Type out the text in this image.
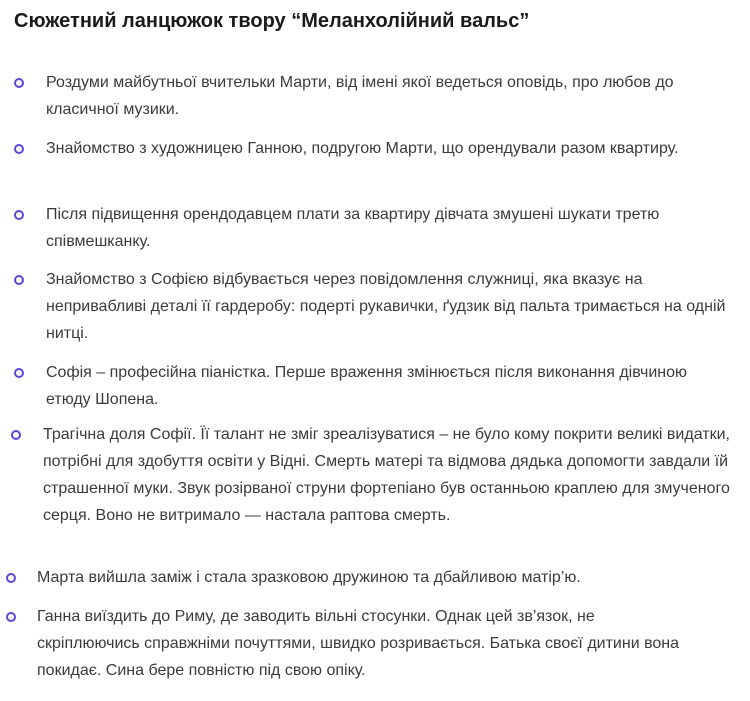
Сюжетний ланцюжок твору “Меланхолійний вальс”
Роздуми майбутньої вчительки Марти, від імені якої ведеться оповідь, про любов до класичної музики.
Знайомство з художницею Ганною, подругою Марти, що орендували разом квартиру.
Після підвищення орендодавцем плати за квартиру дівчата змушені шукати третю співмешканку.
Знайомство з Софією відбувається через повідомлення служниці, яка вказує на непривабливі деталі її гардеробу: подерті рукавички, ґудзик від пальта тримається на одній нитці.
Софія – професійна піаністка. Перше враження змінюється після виконання дівчиною етюду Шопена.
Трагічна доля Софії. Її талант не зміг зреалізуватися – не було кому покрити великі видатки, потрібні для здобуття освіти у Відні. Смерть матері та відмова дядька допомогти завдали їй страшенної муки. Звук розірваної струни фортепіано був останньою краплею для змученого серця. Воно не витримало — настала раптова смерть.
Марта вийшла заміж і стала зразковою дружиною та дбайливою матір’ю.
Ганна виїздить до Риму, де заводить вільні стосунки. Однак цей зв’язок, не скріплюючись справжніми почуттями, швидко розривається. Батька своєї дитини вона покидає. Сина бере повністю під свою опіку.
